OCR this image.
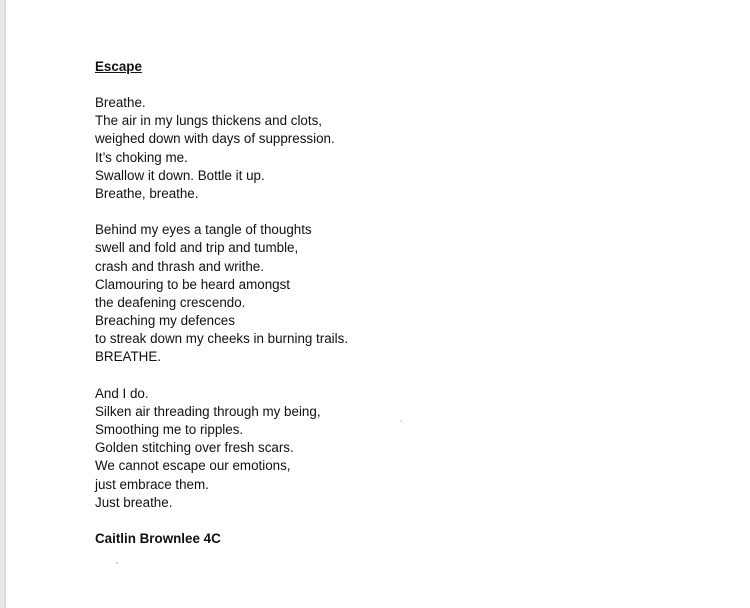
Escape
Breathe.
The air in my lungs thickens and clots,
weighed down with days of suppression.
It’s choking me.
Swallow it down. Bottle it up.
Breathe, breathe.
Behind my eyes a tangle of thoughts
swell and fold and trip and tumble,
crash and thrash and writhe.
Clamouring to be heard amongst
the deafening crescendo.
Breaching my defences
to streak down my cheeks in burning trails.
BREATHE.
And I do.
Silken air threading through my being,
Smoothing me to ripples.
Golden stitching over fresh scars.
We cannot escape our emotions,
just embrace them.
Just breathe.
Caitlin Brownlee 4C
